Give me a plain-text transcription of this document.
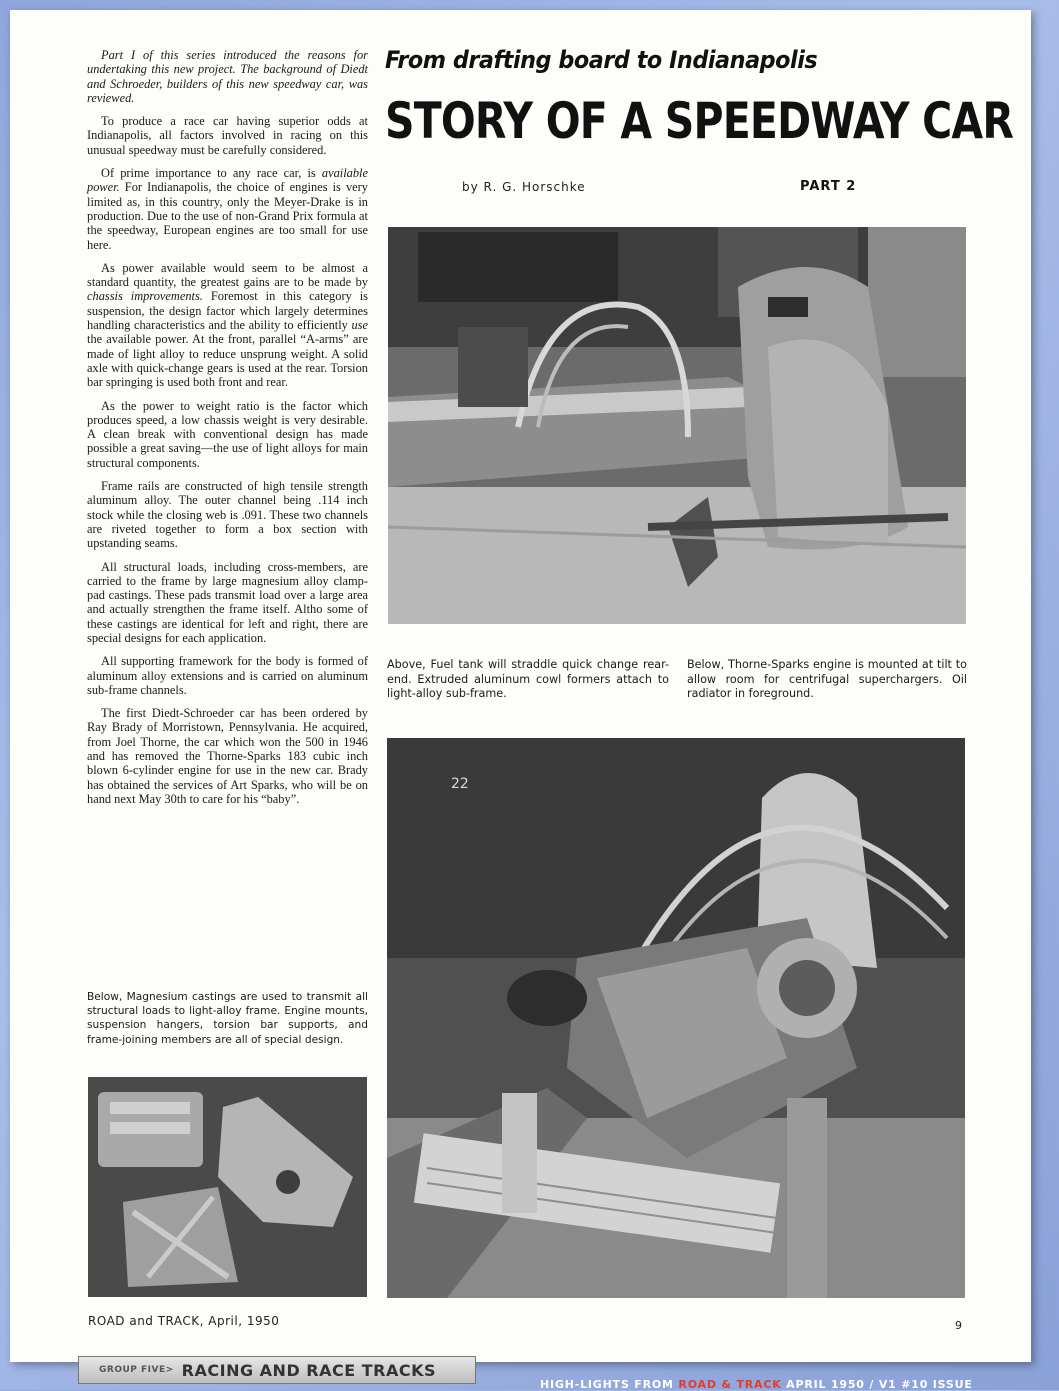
Part I of this series introduced the reasons for undertaking this new project. The background of Diedt and Schroeder, builders of this new speedway car, was reviewed.

To produce a race car having superior odds at Indianapolis, all factors involved in racing on this unusual speedway must be carefully considered.

Of prime importance to any race car, is available power. For Indianapolis, the choice of engines is very limited as, in this country, only the Meyer-Drake is in production. Due to the use of non-Grand Prix formula at the speedway, European engines are too small for use here.

As power available would seem to be almost a standard quantity, the greatest gains are to be made by chassis improvements. Foremost in this category is suspension, the design factor which largely determines handling characteristics and the ability to efficiently use the available power. At the front, parallel “A-arms” are made of light alloy to reduce unsprung weight. A solid axle with quick-change gears is used at the rear. Torsion bar springing is used both front and rear.

As the power to weight ratio is the factor which produces speed, a low chassis weight is very desirable. A clean break with conventional design has made possible a great saving—the use of light alloys for main structural components.

Frame rails are constructed of high tensile strength aluminum alloy. The outer channel being .114 inch stock while the closing web is .091. These two channels are riveted together to form a box section with upstanding seams.

All structural loads, including cross-members, are carried to the frame by large magnesium alloy clamp-pad castings. These pads transmit load over a large area and actually strengthen the frame itself. Altho some of these castings are identical for left and right, there are special designs for each application.

All supporting framework for the body is formed of aluminum alloy extensions and is carried on aluminum sub-frame channels.

The first Diedt-Schroeder car has been ordered by Ray Brady of Morristown, Pennsylvania. He acquired, from Joel Thorne, the car which won the 500 in 1946 and has removed the Thorne-Sparks 183 cubic inch blown 6-cylinder engine for use in the new car. Brady has obtained the services of Art Sparks, who will be on hand next May 30th to care for his “baby”.

Below, Magnesium castings are used to transmit all structural loads to light-alloy frame. Engine mounts, suspension hangers, torsion bar supports, and frame-joining members are all of special design.

From drafting board to Indianapolis
STORY OF A SPEEDWAY CAR
by R. G. Horschke	PART 2

Above, Fuel tank will straddle quick change rear-end. Extruded aluminum cowl formers attach to light-alloy sub-frame.

Below, Thorne-Sparks engine is mounted at tilt to allow room for centrifugal superchargers. Oil radiator in foreground.

22
ROAD and TRACK, April, 1950	9
GROUP FIVE> RACING AND RACE TRACKS
HIGH-LIGHTS FROM ROAD & TRACK APRIL 1950 / V1 #10 ISSUE
